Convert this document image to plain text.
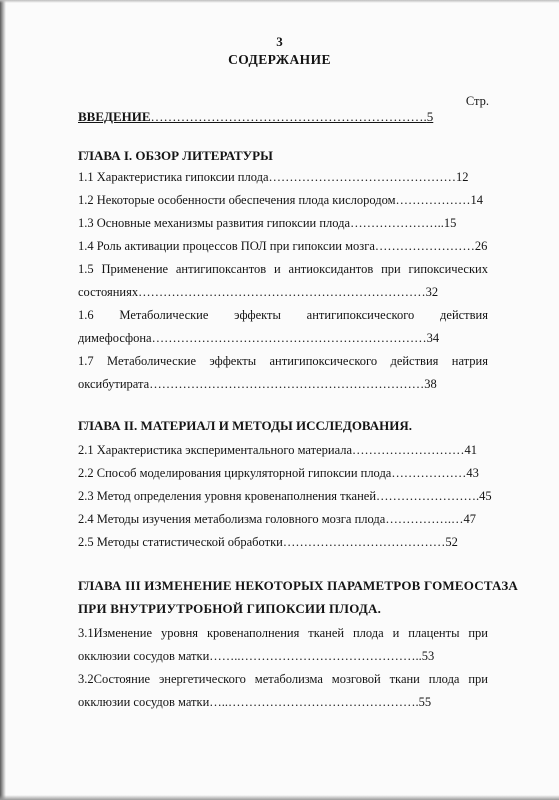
3
СОДЕРЖАНИЕ
Стр.
ВВЕДЕНИЕ……………………………………………………….5
ГЛАВА I. ОБЗОР ЛИТЕРАТУРЫ
1.1 Характеристика гипоксии плода………………………………………12
1.2 Некоторые особенности обеспечения плода кислородом………………14
1.3 Основные механизмы развития гипоксии плода…………………..15
1.4 Роль активации процессов ПОЛ при гипоксии мозга……………………26
1.5 Применение антигипоксантов и антиоксидантов при гипоксических
состояниях……………………………………………………………32
1.6 Метаболические эффекты антигипоксического действия
димефосфона…………………………………………………………34
1.7 Метаболические эффекты антигипоксического действия натрия
оксибутирата…………………………………………………………38
ГЛАВА II. МАТЕРИАЛ И МЕТОДЫ ИССЛЕДОВАНИЯ.
2.1 Характеристика экспериментального материала………………………41
2.2 Способ моделирования циркуляторной гипоксии плода………………43
2.3 Метод определения уровня кровенаполнения тканей…………………….45
2.4 Методы изучения метаболизма головного мозга плода…………….…47
2.5 Методы статистической обработки…………………………………52
ГЛАВА III ИЗМЕНЕНИЕ НЕКОТОРЫХ ПАРАМЕТРОВ ГОМЕОСТАЗА
ПРИ ВНУТРИУТРОБНОЙ ГИПОКСИИ ПЛОДА.
3.1Изменение уровня кровенаполнения тканей плода и плаценты при
окклюзии сосудов матки……..……………………………………..53
3.2Состояние энергетического метаболизма мозговой ткани плода при
окклюзии сосудов матки…..……………………………………….55
